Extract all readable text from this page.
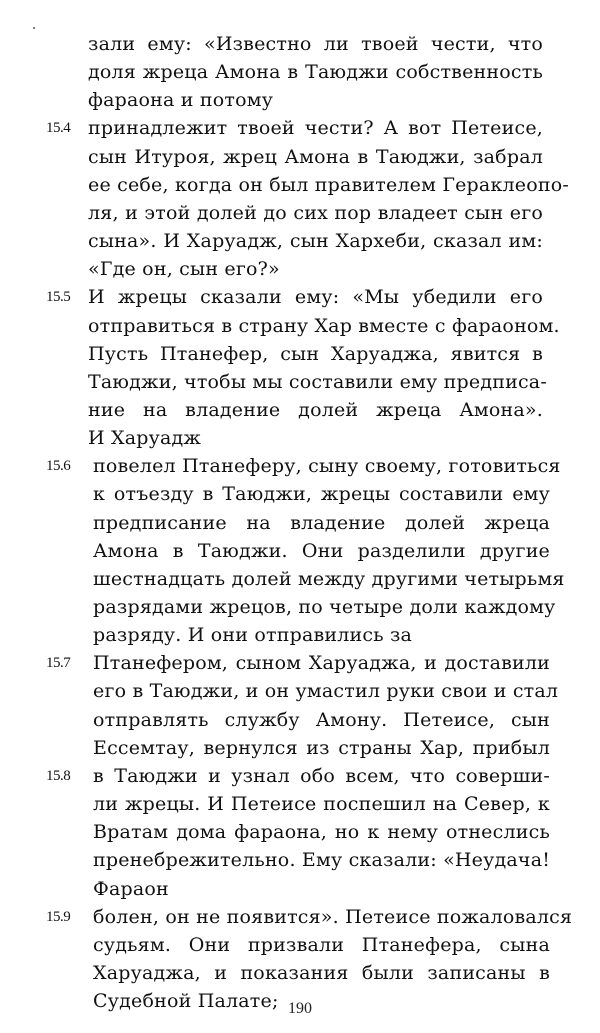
зали ему: «Известно ли твоей чести, что
доля жреца Амона в Таюджи собственность
фараона и потому
принадлежит твоей чести? А вот Петеисе,
15.4
сын Итуроя, жрец Амона в Таюджи, забрал
ее себе, когда он был правителем Гераклеопо-
ля, и этой долей до сих пор владеет сын его
сына». И Харуадж, сын Хархеби, сказал им:
«Где он, сын его?»
И жрецы сказали ему: «Мы убедили его
15.5
отправиться в страну Хар вместе с фараоном.
Пусть Птанефер, сын Харуаджа, явится в
Таюджи, чтобы мы составили ему предписа-
ние на владение долей жреца Амона».
И Харуадж
повелел Птанеферу, сыну своему, готовиться
15.6
к отъезду в Таюджи, жрецы составили ему
предписание на владение долей жреца
Амона в Таюджи. Они разделили другие
шестнадцать долей между другими четырьмя
разрядами жрецов, по четыре доли каждому
разряду. И они отправились за
Птанефером, сыном Харуаджа, и доставили
15.7
его в Таюджи, и он умастил руки свои и стал
отправлять службу Амону. Петеисе, сын
Ессемтау, вернулся из страны Хар, прибыл
в Таюджи и узнал обо всем, что соверши-
15.8
ли жрецы. И Петеисе поспешил на Север, к
Вратам дома фараона, но к нему отнеслись
пренебрежительно. Ему сказали: «Неудача!
Фараон
болен, он не появится». Петеисе пожаловался
15.9
судьям. Они призвали Птанефера, сына
Харуаджа, и показания были записаны в
Судебной Палате; 190
